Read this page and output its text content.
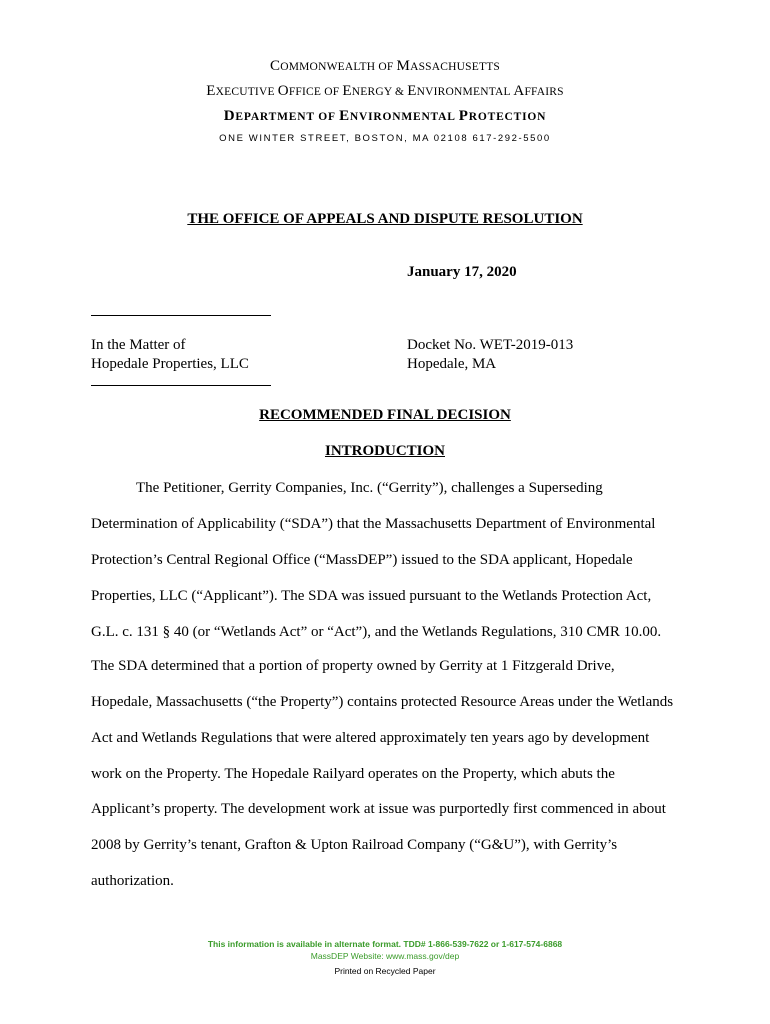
COMMONWEALTH OF MASSACHUSETTS
EXECUTIVE OFFICE OF ENERGY & ENVIRONMENTAL AFFAIRS
DEPARTMENT OF ENVIRONMENTAL PROTECTION
ONE WINTER STREET, BOSTON, MA 02108 617-292-5500
THE OFFICE OF APPEALS AND DISPUTE RESOLUTION
January 17, 2020
In the Matter of
Hopedale Properties, LLC
Docket No. WET-2019-013
Hopedale, MA
RECOMMENDED FINAL DECISION
INTRODUCTION
The Petitioner, Gerrity Companies, Inc. (“Gerrity”), challenges a Superseding
Determination of Applicability (“SDA”) that the Massachusetts Department of Environmental
Protection’s Central Regional Office (“MassDEP”) issued to the SDA applicant, Hopedale
Properties, LLC (“Applicant”). The SDA was issued pursuant to the Wetlands Protection Act,
G.L. c. 131 § 40 (or “Wetlands Act” or “Act”), and the Wetlands Regulations, 310 CMR 10.00.
The SDA determined that a portion of property owned by Gerrity at 1 Fitzgerald Drive,
Hopedale, Massachusetts (“the Property”) contains protected Resource Areas under the Wetlands
Act and Wetlands Regulations that were altered approximately ten years ago by development
work on the Property. The Hopedale Railyard operates on the Property, which abuts the
Applicant’s property. The development work at issue was purportedly first commenced in about
2008 by Gerrity’s tenant, Grafton & Upton Railroad Company (“G&U”), with Gerrity’s
authorization.
This information is available in alternate format. TDD# 1-866-539-7622 or 1-617-574-6868
MassDEP Website: www.mass.gov/dep
Printed on Recycled Paper
